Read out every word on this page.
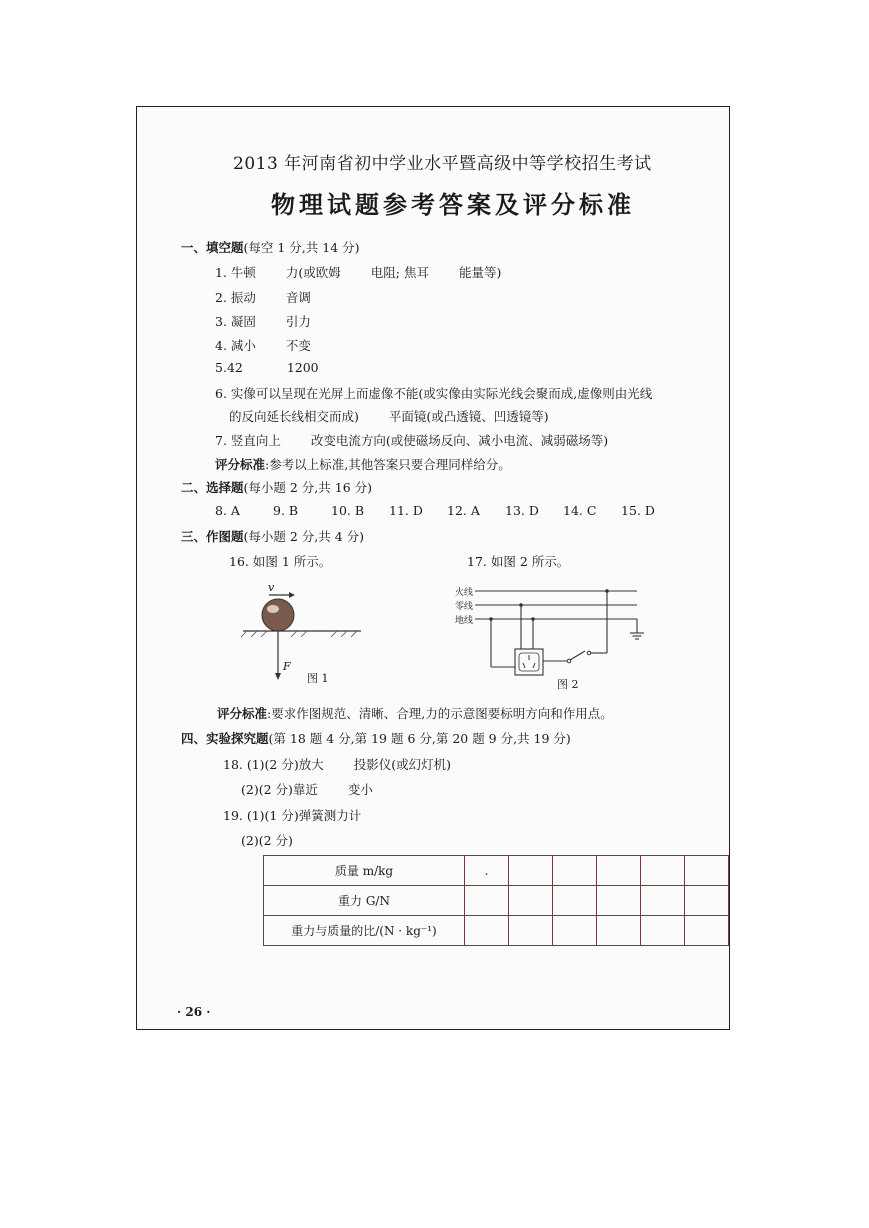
2013 年河南省初中学业水平暨高级中等学校招生考试
物理试题参考答案及评分标准
一、填空题(每空 1 分,共 14 分)
1. 牛顿 力(或欧姆 电阻; 焦耳 能量等)
2. 振动 音调
3. 凝固 引力
4. 减小 不变
5.42	1200
6. 实像可以呈现在光屏上而虚像不能(或实像由实际光线会聚而成,虚像则由光线
的反向延长线相交而成) 平面镜(或凸透镜、凹透镜等)
7. 竖直向上 改变电流方向(或使磁场反向、减小电流、减弱磁场等)
评分标准:参考以上标准,其他答案只要合理同样给分。
二、选择题(每小题 2 分,共 16 分)
8. A	9. B	10. B 11. D 12. A 13. D 14. C 15. D
三、作图题(每小题 2 分,共 4 分)
16. 如图 1 所示。	17. 如图 2 所示。
v
F
图 1
火线
零线
地线
图 2
评分标准:要求作图规范、清晰、合理,力的示意图要标明方向和作用点。
四、实验探究题(第 18 题 4 分,第 19 题 6 分,第 20 题 9 分,共 19 分)
18. (1)(2 分)放大 投影仪(或幻灯机)
(2)(2 分)靠近 变小
19. (1)(1 分)弹簧测力计
(2)(2 分)
质量 m/kg	.					
重力 G/N						
重力与质量的比/(N · kg⁻¹)						
· 26 ·
